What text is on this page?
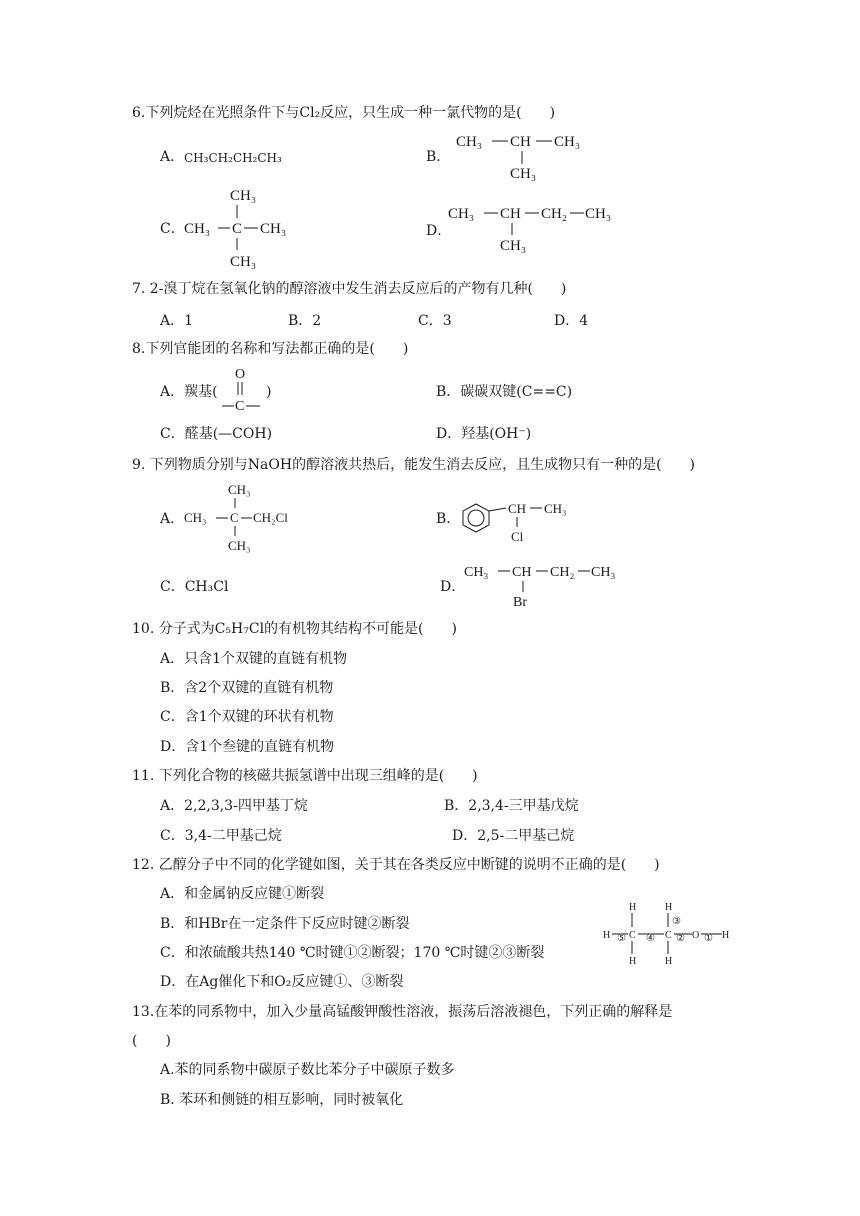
6.下列烷烃在光照条件下与Cl₂反应，只生成一种一氯代物的是(　　)
A． CH₃CH₂CH₂CH₃	B．
CH₃ CH CH₃
CH₃
C．
CH₃
CH₃ C CH₃
CH₃
D．
CH₃ CH CH₂ CH₃
CH₃
7. 2-溴丁烷在氢氧化钠的醇溶液中发生消去反应后的产物有几种(　　)
A．1	B．2	C．3	D．4
8.下列官能团的名称和写法都正确的是(　　)
A．羰基(
O
C
)	B．碳碳双键(C==C)
C．醛基(—COH)	D．羟基(OH⁻)
9. 下列物质分别与NaOH的醇溶液共热后，能发生消去反应，且生成物只有一种的是(　　)
A．
CH₃
CH₃ C CH₂Cl
CH₃
B．
CH CH₃
Cl
C．CH₃Cl	D．
CH₃ CH CH₂ CH₃
Br
10. 分子式为C₅H₇Cl的有机物其结构不可能是(　　)
A．只含1个双键的直链有机物
B．含2个双键的直链有机物
C．含1个双键的环状有机物
D．含1个叁键的直链有机物
11. 下列化合物的核磁共振氢谱中出现三组峰的是(　　)
A．2,2,3,3-四甲基丁烷	B．2,3,4-三甲基戊烷
C．3,4-二甲基己烷	D．2,5-二甲基己烷
12. 乙醇分子中不同的化学键如图，关于其在各类反应中断键的说明不正确的是(　　)
A．和金属钠反应键①断裂
B．和HBr在一定条件下反应时键②断裂
C．和浓硫酸共热140 ℃时键①②断裂；170 ℃时键②③断裂
D．在Ag催化下和O₂反应键①、③断裂
H	H
③
H ⑤ C ④ C ② O ① H
H	H
13.在苯的同系物中，加入少量高锰酸钾酸性溶液，振荡后溶液褪色，下列正确的解释是
(　　)
A.苯的同系物中碳原子数比苯分子中碳原子数多
B. 苯环和侧链的相互影响，同时被氧化
